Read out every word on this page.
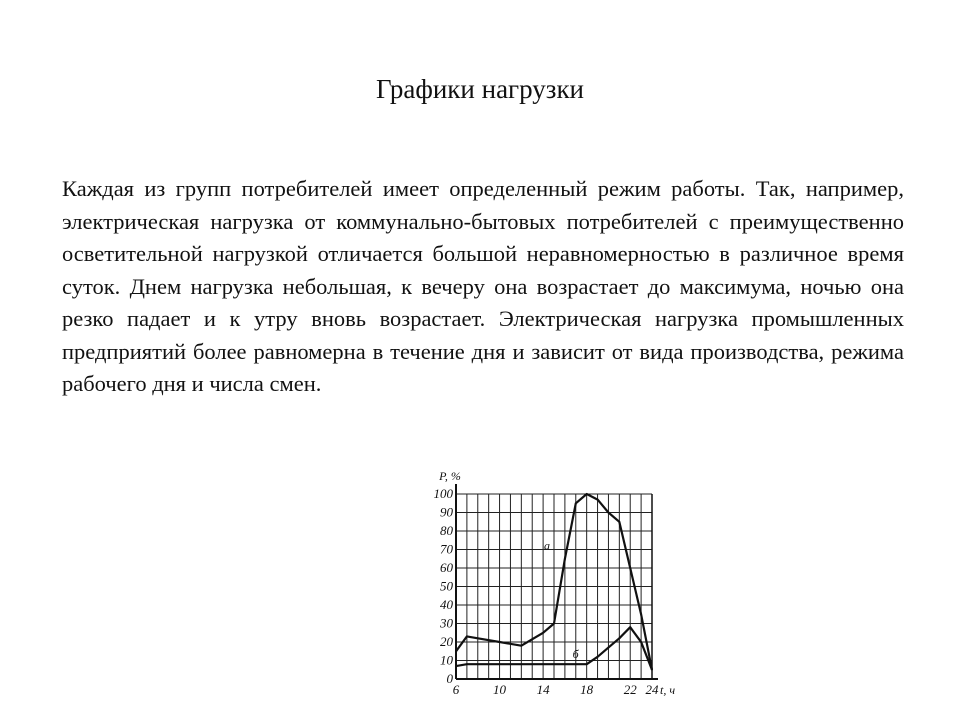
Графики нагрузки
Каждая из групп потребителей имеет определенный режим работы. Так, например, электрическая нагрузка от коммунально-бытовых потребителей с преимущественно осветительной нагрузкой отличается большой неравномерностью в различное время суток. Днем нагрузка небольшая, к вечеру она возрастает до максимума, ночью она резко падает и к утру вновь возрастает. Электрическая нагрузка промышленных предприятий более равномерна в течение дня и зависит от вида производства, режима рабочего дня и числа смен.
0
10
20
30
40
50
60
70
80
90
100
6	10 14 18 22 24
P, %
t, ч
a
б
